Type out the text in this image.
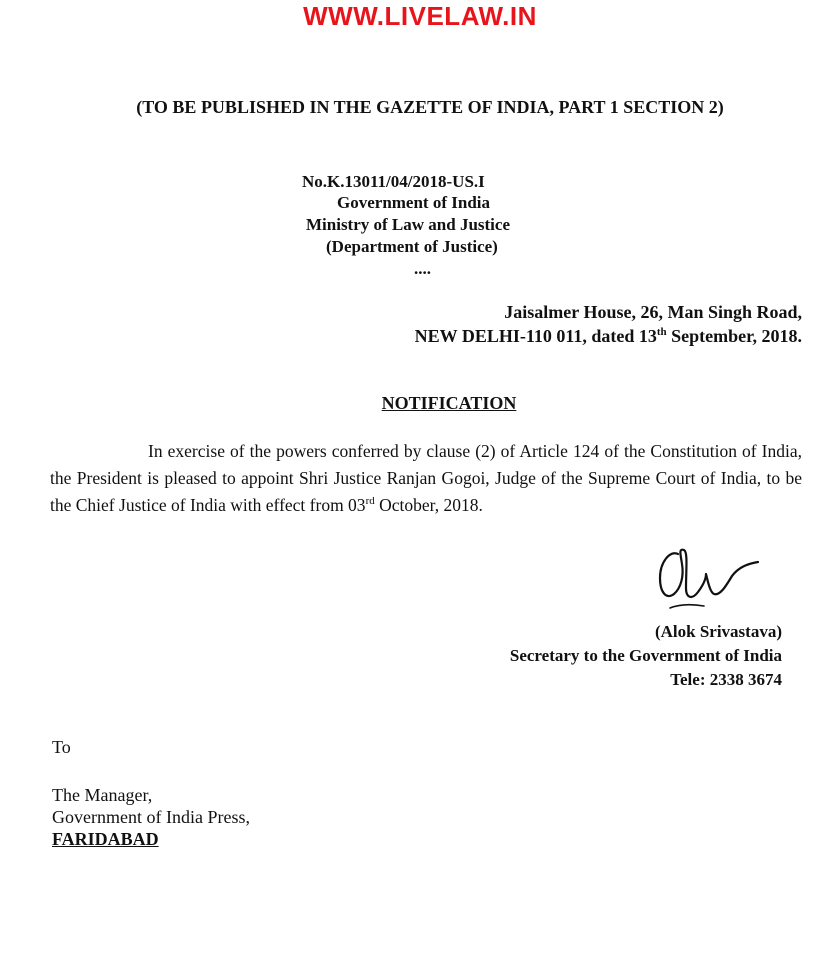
WWW.LIVELAW.IN
(TO BE PUBLISHED IN THE GAZETTE OF INDIA, PART 1 SECTION 2)
No.K.13011/04/2018-US.I
Government of India
Ministry of Law and Justice
(Department of Justice)
....
Jaisalmer House, 26, Man Singh Road,
NEW DELHI-110 011, dated 13th September, 2018.
NOTIFICATION
In exercise of the powers conferred by clause (2) of Article 124 of the Constitution of India, the President is pleased to appoint Shri Justice Ranjan Gogoi, Judge of the Supreme Court of India, to be the Chief Justice of India with effect from 03rd October, 2018.
(Alok Srivastava)
Secretary to the Government of India
Tele: 2338 3674
To
The Manager,
Government of India Press,
FARIDABAD
